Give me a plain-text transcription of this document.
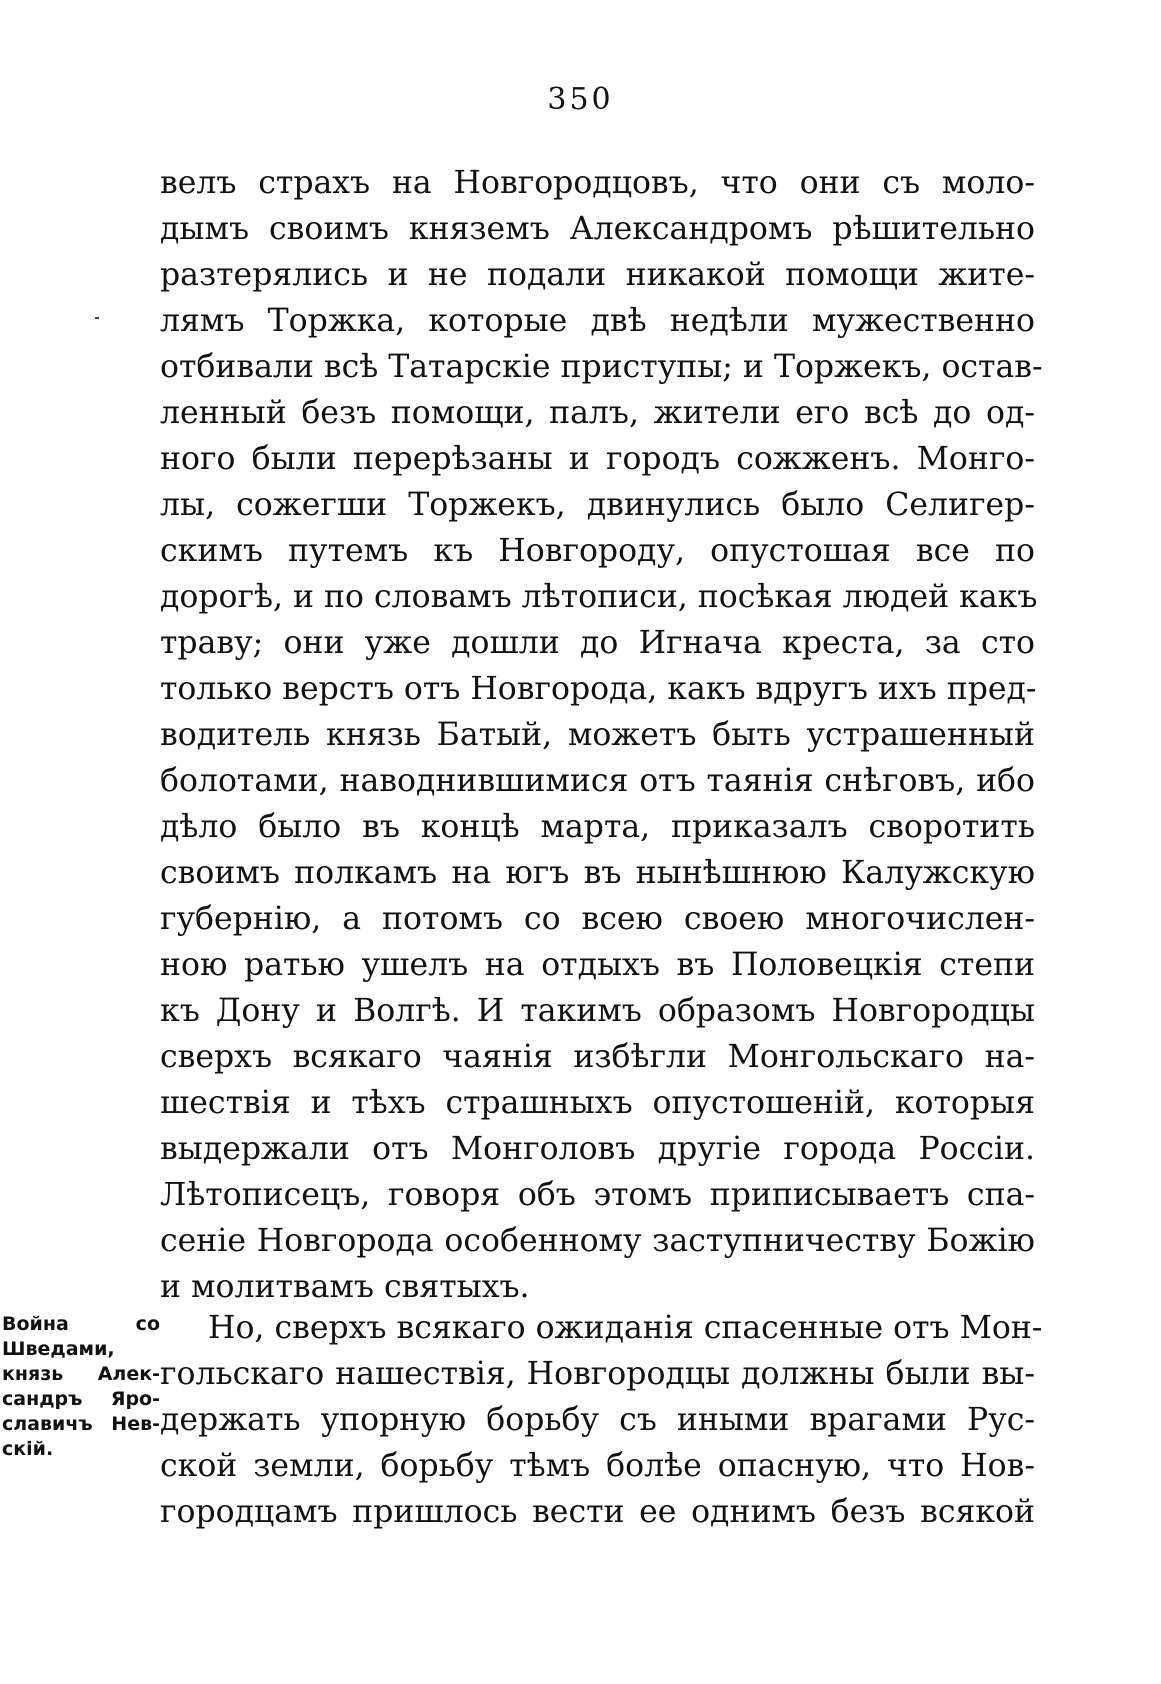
350
велъ страхъ на Новгородцовъ, что они съ моло-
дымъ своимъ княземъ Александромъ рѣшительно
разтерялись и не подали никакой помощи жите-
лямъ Торжка, которые двѣ недѣли мужественно
отбивали всѣ Татарскіе приступы; и Торжекъ, остав-
ленный безъ помощи, палъ, жители его всѣ до од-
ного были перерѣзаны и городъ сожженъ. Монго-
лы, сожегши Торжекъ, двинулись было Селигер-
скимъ путемъ къ Новгороду, опустошая все по
дорогѣ, и по словамъ лѣтописи, посѣкая людей какъ
траву; они уже дошли до Игнача креста, за сто
только верстъ отъ Новгорода, какъ вдругъ ихъ пред-
водитель князь Батый, можетъ быть устрашенный
болотами, наводнившимися отъ таянія снѣговъ, ибо
дѣло было въ концѣ марта, приказалъ своротить
своимъ полкамъ на югъ въ нынѣшнюю Калужскую
губернію, а потомъ со всею своею многочислен-
ною ратью ушелъ на отдыхъ въ Половецкія степи
къ Дону и Волгѣ. И такимъ образомъ Новгородцы
сверхъ всякаго чаянія избѣгли Монгольскаго на-
шествія и тѣхъ страшныхъ опустошеній, которыя
выдержали отъ Монголовъ другіе города Россіи.
Лѣтописецъ, говоря объ этомъ приписываетъ спа-
сеніе Новгорода особенному заступничеству Божію
и молитвамъ святыхъ.
Война со
Шведами,
князь Алек-
сандръ Яро-
славичъ Нев-
скій.
Но, сверхъ всякаго ожиданія спасенные отъ Мон-
гольскаго нашествія, Новгородцы должны были вы-
держать упорную борьбу съ иными врагами Рус-
ской земли, борьбу тѣмъ болѣе опасную, что Нов-
городцамъ пришлось вести ее однимъ безъ всякой
